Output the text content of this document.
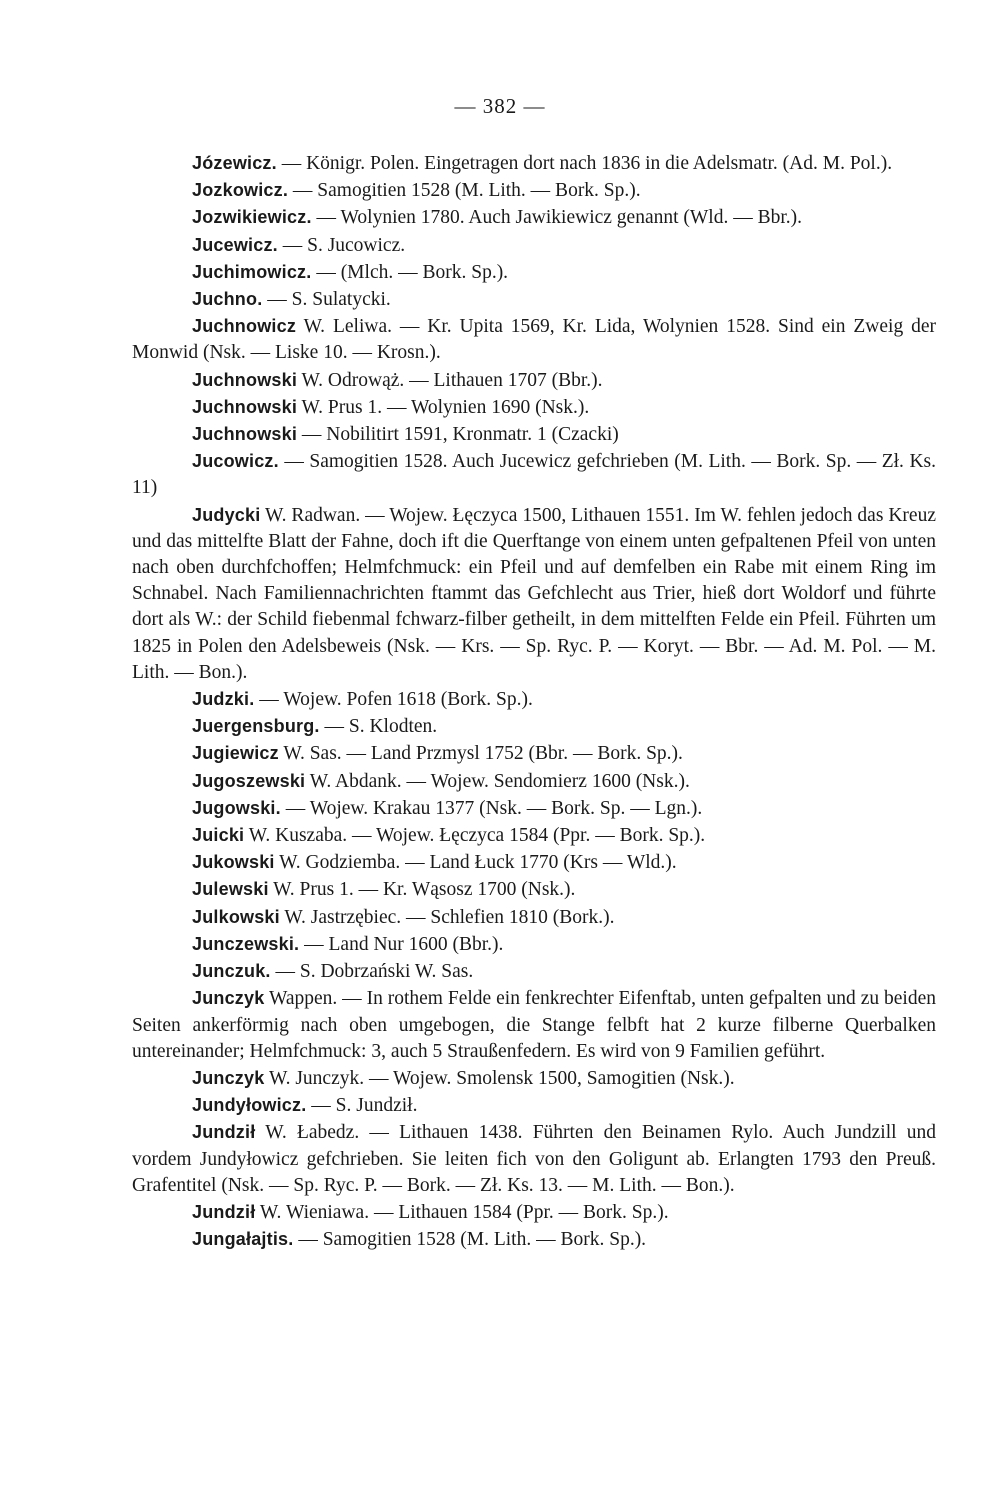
— 382 —

Józewicz. — Königr. Polen. Eingetragen dort nach 1836 in die Adelsmatr. (Ad. M. Pol.).

Jozkowicz. — Samogitien 1528 (M. Lith. — Bork. Sp.).

Jozwikiewicz. — Wolynien 1780. Auch Jawikiewicz genannt (Wld. — Bbr.).

Jucewicz. — S. Jucowicz.

Juchimowicz. — (Mlch. — Bork. Sp.).

Juchno. — S. Sulatycki.

Juchnowicz W. Leliwa. — Kr. Upita 1569, Kr. Lida, Wolynien 1528. Sind ein Zweig der Monwid (Nsk. — Liske 10. — Krosn.).

Juchnowski W. Odrowąż. — Lithauen 1707 (Bbr.).

Juchnowski W. Prus 1. — Wolynien 1690 (Nsk.).

Juchnowski — Nobilitirt 1591, Kronmatr. 1 (Czacki)

Jucowicz. — Samogitien 1528. Auch Jucewicz gefchrieben (M. Lith. — Bork. Sp. — Zł. Ks. 11)

Judycki W. Radwan. — Wojew. Łęczyca 1500, Lithauen 1551. Im W. fehlen jedoch das Kreuz und das mittelfte Blatt der Fahne, doch ift die Querftange von einem unten gefpaltenen Pfeil von unten nach oben durchfchoffen; Helmfchmuck: ein Pfeil und auf demfelben ein Rabe mit einem Ring im Schnabel. Nach Familiennachrichten ftammt das Gefchlecht aus Trier, hieß dort Woldorf und führte dort als W.: der Schild fiebenmal fchwarz-filber getheilt, in dem mittelften Felde ein Pfeil. Führten um 1825 in Polen den Adelsbeweis (Nsk. — Krs. — Sp. Ryc. P. — Koryt. — Bbr. — Ad. M. Pol. — M. Lith. — Bon.).

Judzki. — Wojew. Pofen 1618 (Bork. Sp.).

Juergensburg. — S. Klodten.

Jugiewicz W. Sas. — Land Przmysl 1752 (Bbr. — Bork. Sp.).

Jugoszewski W. Abdank. — Wojew. Sendomierz 1600 (Nsk.).

Jugowski. — Wojew. Krakau 1377 (Nsk. — Bork. Sp. — Lgn.).

Juicki W. Kuszaba. — Wojew. Łęczyca 1584 (Ppr. — Bork. Sp.).

Jukowski W. Godziemba. — Land Łuck 1770 (Krs — Wld.).

Julewski W. Prus 1. — Kr. Wąsosz 1700 (Nsk.).

Julkowski W. Jastrzębiec. — Schlefien 1810 (Bork.).

Junczewski. — Land Nur 1600 (Bbr.).

Junczuk. — S. Dobrzański W. Sas.

Junczyk Wappen. — In rothem Felde ein fenkrechter Eifenftab, unten gefpalten und zu beiden Seiten ankerförmig nach oben umgebogen, die Stange felbft hat 2 kurze filberne Querbalken untereinander; Helmfchmuck: 3, auch 5 Straußenfedern. Es wird von 9 Familien geführt.

Junczyk W. Junczyk. — Wojew. Smolensk 1500, Samogitien (Nsk.).

Jundyłowicz. — S. Jundził.

Jundził W. Łabedz. — Lithauen 1438. Führten den Beinamen Rylo. Auch Jundzill und vordem Jundyłowicz gefchrieben. Sie leiten fich von den Goligunt ab. Erlangten 1793 den Preuß. Grafentitel (Nsk. — Sp. Ryc. P. — Bork. — Zł. Ks. 13. — M. Lith. — Bon.).

Jundził W. Wieniawa. — Lithauen 1584 (Ppr. — Bork. Sp.).

Jungałajtis. — Samogitien 1528 (M. Lith. — Bork. Sp.).
